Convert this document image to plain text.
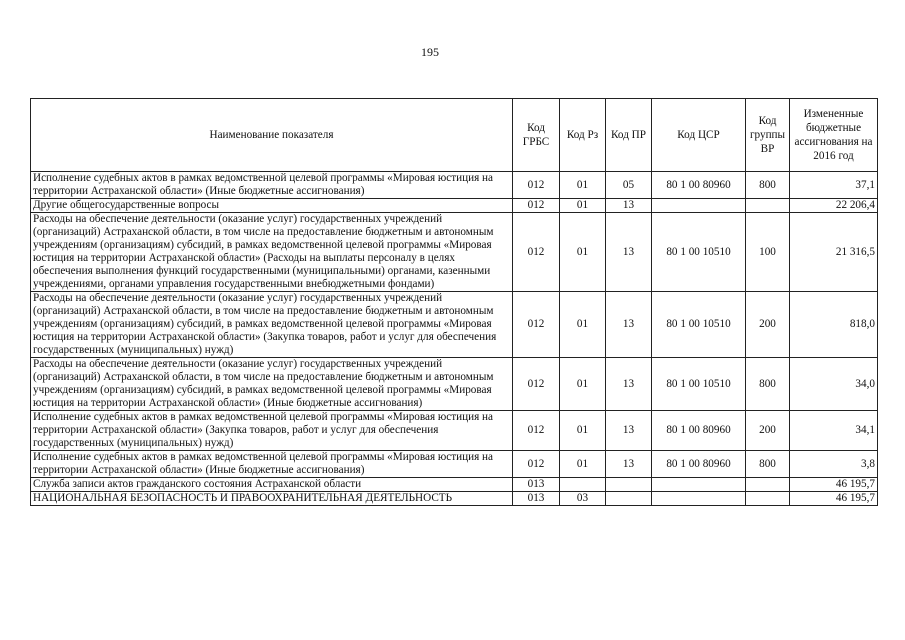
195
Наименование показателя	Код ГРБС	Код Рз	Код ПР	Код ЦСР	Код группы ВР	Измененные бюджетные ассигнования на 2016 год
Исполнение судебных актов в рамках ведомственной целевой программы «Мировая юстиция на территории Астраханской области» (Иные бюджетные ассигнования)	012	01	05	80 1 00 80960	800	37,1
Другие общегосударственные вопросы	012	01	13			22 206,4
Расходы на обеспечение деятельности (оказание услуг) государственных учреждений (организаций) Астраханской области, в том числе на предоставление бюджетным и автономным учреждениям (организациям) субсидий, в рамках ведомственной целевой программы «Мировая юстиция на территории Астраханской области» (Расходы на выплаты персоналу в целях обеспечения выполнения функций государственными (муниципальными) органами, казенными учреждениями, органами управления государственными внебюджетными фондами)	012	01	13	80 1 00 10510	100	21 316,5
Расходы на обеспечение деятельности (оказание услуг) государственных учреждений (организаций) Астраханской области, в том числе на предоставление бюджетным и автономным учреждениям (организациям) субсидий, в рамках ведомственной целевой программы «Мировая юстиция на территории Астраханской области» (Закупка товаров, работ и услуг для обеспечения государственных (муниципальных) нужд)	012	01	13	80 1 00 10510	200	818,0
Расходы на обеспечение деятельности (оказание услуг) государственных учреждений (организаций) Астраханской области, в том числе на предоставление бюджетным и автономным учреждениям (организациям) субсидий, в рамках ведомственной целевой программы «Мировая юстиция на территории Астраханской области» (Иные бюджетные ассигнования)	012	01	13	80 1 00 10510	800	34,0
Исполнение судебных актов в рамках ведомственной целевой программы «Мировая юстиция на территории Астраханской области» (Закупка товаров, работ и услуг для обеспечения государственных (муниципальных) нужд)	012	01	13	80 1 00 80960	200	34,1
Исполнение судебных актов в рамках ведомственной целевой программы «Мировая юстиция на территории Астраханской области» (Иные бюджетные ассигнования)	012	01	13	80 1 00 80960	800	3,8
Служба записи актов гражданского состояния Астраханской области	013					46 195,7
НАЦИОНАЛЬНАЯ БЕЗОПАСНОСТЬ И ПРАВООХРАНИТЕЛЬНАЯ ДЕЯТЕЛЬНОСТЬ	013	03				46 195,7
